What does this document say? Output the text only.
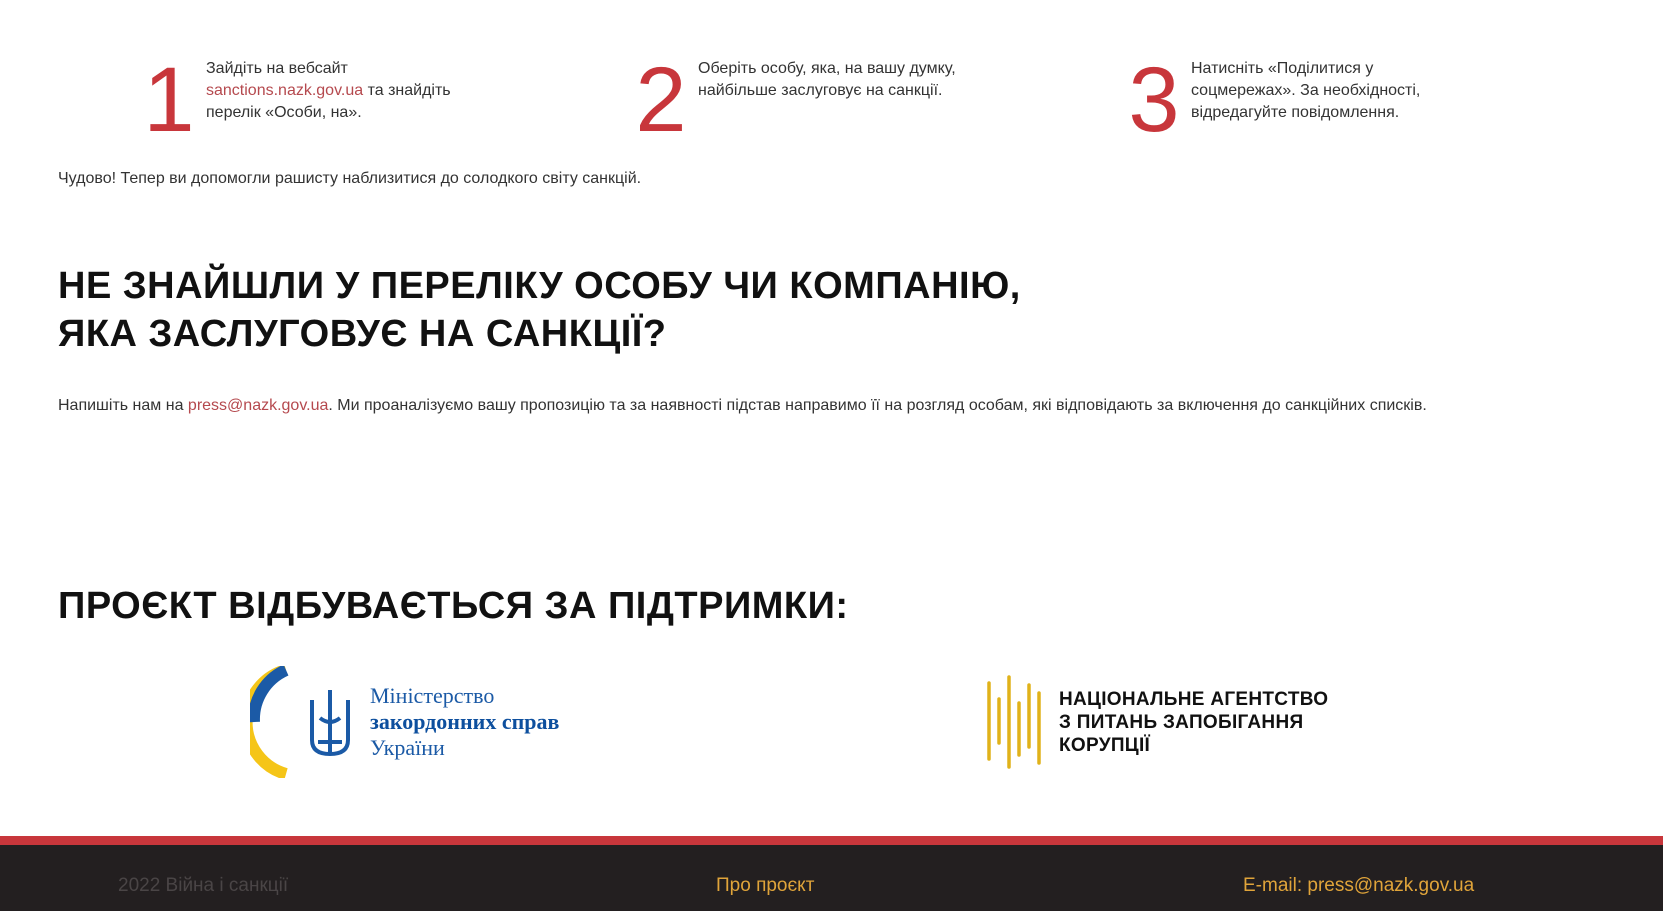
1 Зайдіть на вебсайт sanctions.nazk.gov.ua та знайдіть перелік «Особи, на».	2 Оберіть особу, яка, на вашу думку, найбільше заслуговує на санкції. 3 Натисніть «Поділитися у соцмережах». За необхідності, відредагуйте повідомлення.
Чудово! Тепер ви допомогли рашисту наблизитися до солодкого світу санкцій.
НЕ ЗНАЙШЛИ У ПЕРЕЛІКУ ОСОБУ ЧИ КОМПАНІЮ,
ЯКА ЗАСЛУГОВУЄ НА САНКЦІЇ?

Напишіть нам на press@nazk.gov.ua. Ми проаналізуємо вашу пропозицію та за наявності підстав направимо її на розгляд особам, які відповідають за включення до санкційних списків.

ПРОЄКТ ВІДБУВАЄТЬСЯ ЗА ПІДТРИМКИ:
Міністерство
закордонних справ
України
НАЦІОНАЛЬНЕ АГЕНТСТВО
З ПИТАНЬ ЗАПОБІГАННЯ
КОРУПЦІЇ
2022 Війна і санкції	Про проєкт	E-mail: press@nazk.gov.ua
